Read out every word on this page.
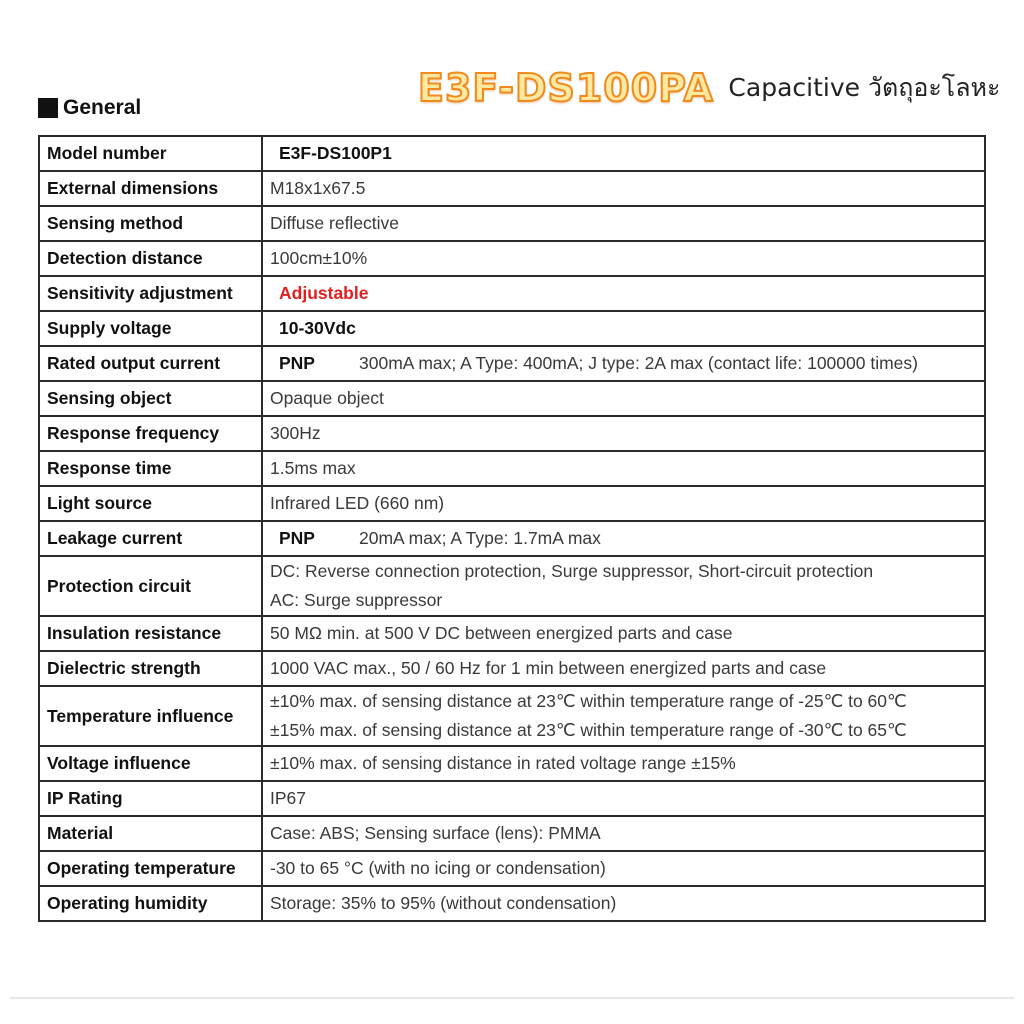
E3F-DS100PA Capacitive วัตถุอะโลหะ
General
Model number	E3F-DS100P1
External dimensions	M18x1x67.5
Sensing method	Diffuse reflective
Detection distance	100cm±10%
Sensitivity adjustment	Adjustable
Supply voltage	10-30Vdc
Rated output current	PNP 300mA max; A Type: 400mA; J type: 2A max (contact life: 100000 times)
Sensing object	Opaque object
Response frequency	300Hz
Response time	1.5ms max
Light source	Infrared LED (660 nm)
Leakage current	PNP 20mA max; A Type: 1.7mA max
Protection circuit	DC: Reverse connection protection, Surge suppressor, Short-circuit protection
AC: Surge suppressor

Insulation resistance	50 MΩ min. at 500 V DC between energized parts and case
Dielectric strength	1000 VAC max., 50 / 60 Hz for 1 min between energized parts and case
Temperature influence	±10% max. of sensing distance at 23℃ within temperature range of -25℃ to 60℃
±15% max. of sensing distance at 23℃ within temperature range of -30℃ to 65℃

Voltage influence	±10% max. of sensing distance in rated voltage range ±15%
IP Rating	IP67
Material	Case: ABS; Sensing surface (lens): PMMA
Operating temperature	-30 to 65 °C (with no icing or condensation)
Operating humidity	Storage: 35% to 95% (without condensation)
